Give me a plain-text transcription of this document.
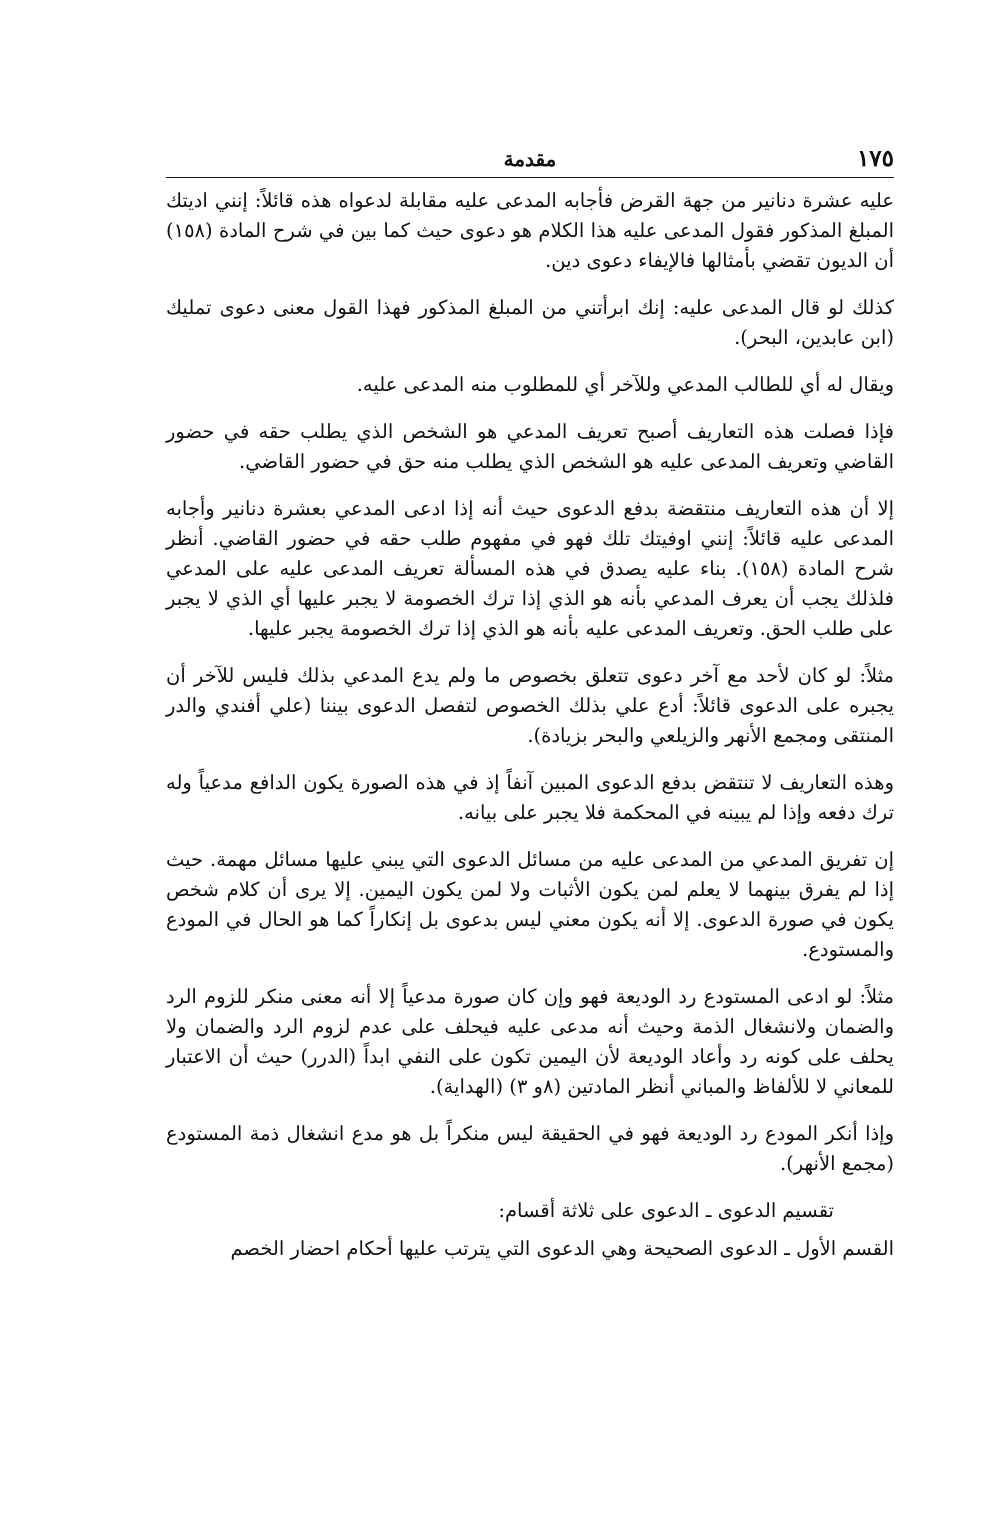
١٧٥
مقدمة

عليه عشرة دنانير من جهة القرض فأجابه المدعى عليه مقابلة لدعواه هذه قائلاً: إنني اديتك المبلغ المذكور فقول المدعى عليه هذا الكلام هو دعوى حيث كما بين في شرح المادة (١٥٨) أن الديون تقضي بأمثالها فالإيفاء دعوى دين.

كذلك لو قال المدعى عليه: إنك ابرأتني من المبلغ المذكور فهذا القول معنى دعوى تمليك (ابن عابدين، البحر).

ويقال له أي للطالب المدعي وللآخر أي للمطلوب منه المدعى عليه.

فإذا فصلت هذه التعاريف أصبح تعريف المدعي هو الشخص الذي يطلب حقه في حضور القاضي وتعريف المدعى عليه هو الشخص الذي يطلب منه حق في حضور القاضي.

إلا أن هذه التعاريف منتقضة بدفع الدعوى حيث أنه إذا ادعى المدعي بعشرة دنانير وأجابه المدعى عليه قائلاً: إنني اوفيتك تلك فهو في مفهوم طلب حقه في حضور القاضي. أنظر شرح المادة (١٥٨). بناء عليه يصدق في هذه المسألة تعريف المدعى عليه على المدعي فلذلك يجب أن يعرف المدعي بأنه هو الذي إذا ترك الخصومة لا يجبر عليها أي الذي لا يجبر على طلب الحق. وتعريف المدعى عليه بأنه هو الذي إذا ترك الخصومة يجبر عليها.

مثلاً: لو كان لأحد مع آخر دعوى تتعلق بخصوص ما ولم يدع المدعي بذلك فليس للآخر أن يجبره على الدعوى قائلاً: أدع علي بذلك الخصوص لتفصل الدعوى بيننا (علي أفندي والدر المنتقى ومجمع الأنهر والزيلعي والبحر بزيادة).

وهذه التعاريف لا تنتقض بدفع الدعوى المبين آنفاً إذ في هذه الصورة يكون الدافع مدعياً وله ترك دفعه وإذا لم يبينه في المحكمة فلا يجبر على بيانه.

إن تفريق المدعي من المدعى عليه من مسائل الدعوى التي يبني عليها مسائل مهمة. حيث إذا لم يفرق بينهما لا يعلم لمن يكون الأثبات ولا لمن يكون اليمين. إلا يرى أن كلام شخص يكون في صورة الدعوى. إلا أنه يكون معني ليس بدعوى بل إنكاراً كما هو الحال في المودع والمستودع.

مثلاً: لو ادعى المستودع رد الوديعة فهو وإن كان صورة مدعياً إلا أنه معنى منكر للزوم الرد والضمان ولانشغال الذمة وحيث أنه مدعى عليه فيحلف على عدم لزوم الرد والضمان ولا يحلف على كونه رد وأعاد الوديعة لأن اليمين تكون على النفي ابداً (الدرر) حيث أن الاعتبار للمعاني لا للألفاظ والمباني أنظر المادتين (٨و ٣) (الهداية).

وإذا أنكر المودع رد الوديعة فهو في الحقيقة ليس منكراً بل هو مدع انشغال ذمة المستودع (مجمع الأنهر).

تقسيم الدعوى ـ الدعوى على ثلاثة أقسام:

القسم الأول ـ الدعوى الصحيحة وهي الدعوى التي يترتب عليها أحكام احضار الخصم
